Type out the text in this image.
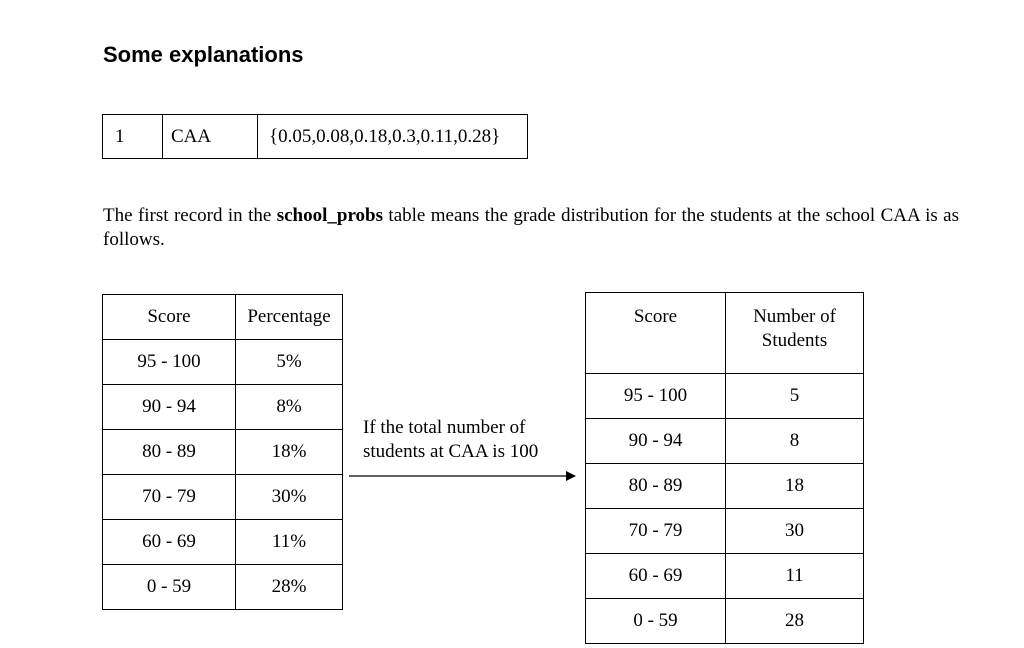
Some explanations
1	CAA	{0.05,0.08,0.18,0.3,0.11,0.28}

The first record in the school_probs table means the grade distribution for the students at the school CAA is as follows.

Score	Percentage
95 - 100	5%
90 - 94	8%
80 - 89	18%
70 - 79	30%
60 - 69	11%
0 - 59	28%

If the total number of
students at CAA is 100

Score	Number of
Students
95 - 100	5
90 - 94	8
80 - 89	18
70 - 79	30
60 - 69	11
0 - 59	28
